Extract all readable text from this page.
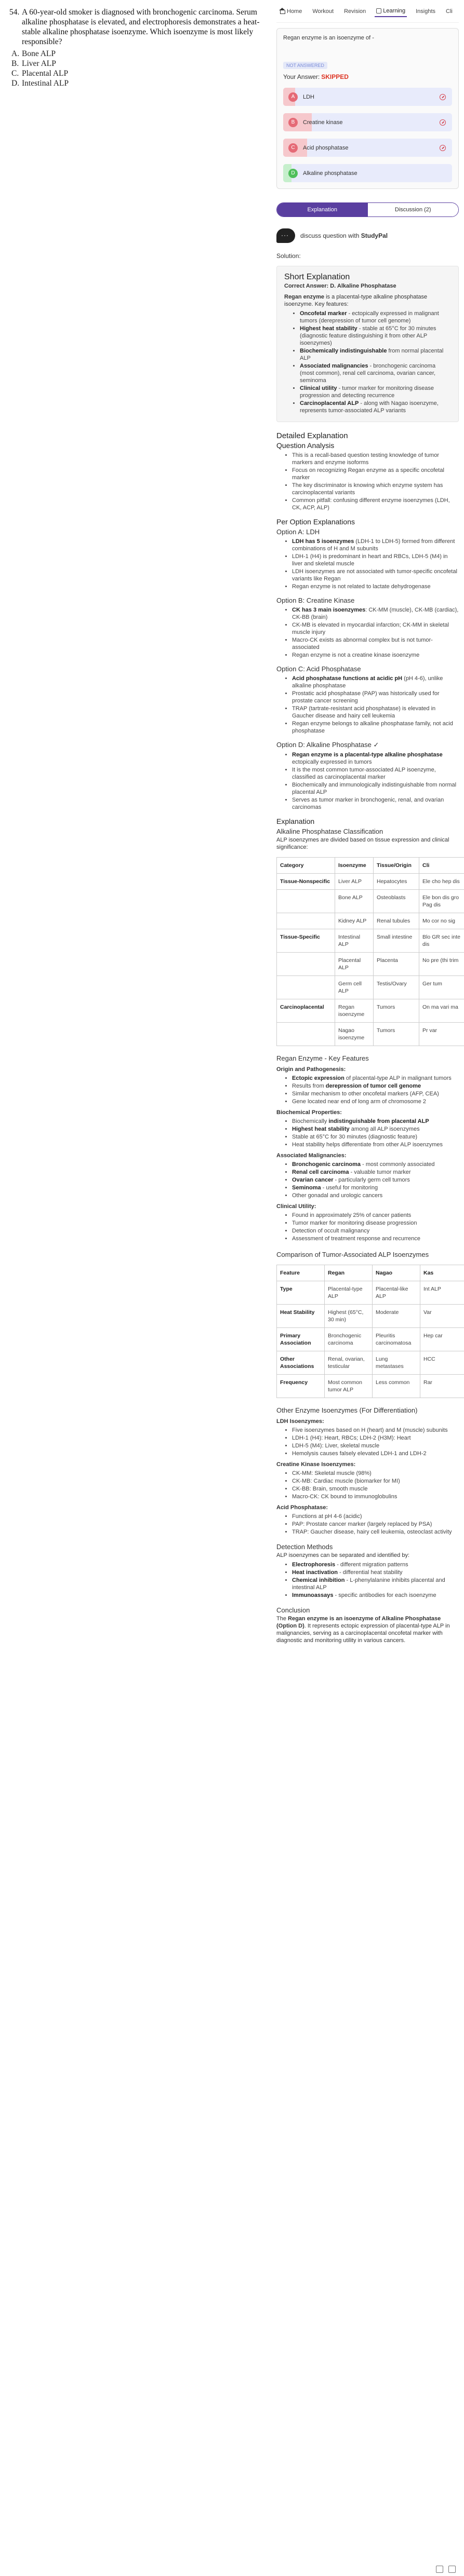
54. A 60-year-old smoker is diagnosed with bronchogenic carcinoma. Serum alkaline phosphatase is elevated, and electrophoresis demonstrates a heat-stable alkaline phosphatase isoenzyme. Which isoenzyme is most likely responsible?
A. Bone ALP
B. Liver ALP
C. Placental ALP
D. Intestinal ALP
Home Workout Revision	Learning Insights Cli
Regan enzyme is an isoenzyme of -
NOT ANSWERED
Your Answer: SKIPPED
A	LDH
B	Creatine kinase
C	Acid phosphatase
D	Alkaline phosphatase
Explanation	Discussion (2)
···
discuss question with StudyPal
Solution:
Short Explanation
Correct Answer: D. Alkaline Phosphatase
Regan enzyme is a placental-type alkaline phosphatase isoenzyme. Key features:
• Oncofetal marker - ectopically expressed in malignant tumors (derepression of tumor cell genome)
• Highest heat stability - stable at 65°C for 30 minutes (diagnostic feature distinguishing it from other ALP isoenzymes)
• Biochemically indistinguishable from normal placental ALP
• Associated malignancies - bronchogenic carcinoma (most common), renal cell carcinoma, ovarian cancer, seminoma
• Clinical utility - tumor marker for monitoring disease progression and detecting recurrence
• Carcinoplacental ALP - along with Nagao isoenzyme, represents tumor-associated ALP variants
Detailed Explanation
Question Analysis
• This is a recall-based question testing knowledge of tumor markers and enzyme isoforms
• Focus on recognizing Regan enzyme as a specific oncofetal marker
• The key discriminator is knowing which enzyme system has carcinoplacental variants
• Common pitfall: confusing different enzyme isoenzymes (LDH, CK, ACP, ALP)
Per Option Explanations
Option A: LDH
• LDH has 5 isoenzymes (LDH-1 to LDH-5) formed from different combinations of H and M subunits
• LDH-1 (H4) is predominant in heart and RBCs, LDH-5 (M4) in liver and skeletal muscle
• LDH isoenzymes are not associated with tumor-specific oncofetal variants like Regan
• Regan enzyme is not related to lactate dehydrogenase
Option B: Creatine Kinase
• CK has 3 main isoenzymes: CK-MM (muscle), CK-MB (cardiac), CK-BB (brain)
• CK-MB is elevated in myocardial infarction; CK-MM in skeletal muscle injury
• Macro-CK exists as abnormal complex but is not tumor-associated
• Regan enzyme is not a creatine kinase isoenzyme
Option C: Acid Phosphatase
• Acid phosphatase functions at acidic pH (pH 4-6), unlike alkaline phosphatase
• Prostatic acid phosphatase (PAP) was historically used for prostate cancer screening
• TRAP (tartrate-resistant acid phosphatase) is elevated in Gaucher disease and hairy cell leukemia
• Regan enzyme belongs to alkaline phosphatase family, not acid phosphatase
Option D: Alkaline Phosphatase ✓
• Regan enzyme is a placental-type alkaline phosphatase ectopically expressed in tumors
• It is the most common tumor-associated ALP isoenzyme, classified as carcinoplacental marker
• Biochemically and immunologically indistinguishable from normal placental ALP
• Serves as tumor marker in bronchogenic, renal, and ovarian carcinomas
Explanation
Alkaline Phosphatase Classification
ALP isoenzymes are divided based on tissue expression and clinical significance:
Category	Isoenzyme	Tissue/Origin	Cli
Tissue-Nonspecific	Liver ALP	Hepatocytes	Ele cho hep dis
	Bone ALP	Osteoblasts	Ele bon dis gro Pag dis
	Kidney ALP	Renal tubules	Mo cor no sig
Tissue-Specific	Intestinal ALP	Small intestine	Blo GR sec inte dis
	Placental ALP	Placenta	No pre (thi trim
	Germ cell ALP	Testis/Ovary	Ger tum
Carcinoplacental	Regan isoenzyme	Tumors	On ma vari ma
	Nagao isoenzyme	Tumors	Pr var
Regan Enzyme - Key Features
Origin and Pathogenesis:
• Ectopic expression of placental-type ALP in malignant tumors
• Results from derepression of tumor cell genome
• Similar mechanism to other oncofetal markers (AFP, CEA)
• Gene located near end of long arm of chromosome 2
Biochemical Properties:
• Biochemically indistinguishable from placental ALP
• Highest heat stability among all ALP isoenzymes
• Stable at 65°C for 30 minutes (diagnostic feature)
• Heat stability helps differentiate from other ALP isoenzymes
Associated Malignancies:
• Bronchogenic carcinoma - most commonly associated
• Renal cell carcinoma - valuable tumor marker
• Ovarian cancer - particularly germ cell tumors
• Seminoma - useful for monitoring
• Other gonadal and urologic cancers
Clinical Utility:
• Found in approximately 25% of cancer patients
• Tumor marker for monitoring disease progression
• Detection of occult malignancy
• Assessment of treatment response and recurrence
Comparison of Tumor-Associated ALP Isoenzymes
Feature	Regan	Nagao	Kas
Type	Placental-type ALP	Placental-like ALP	Int ALP
Heat Stability	Highest (65°C, 30 min)	Moderate	Var
Primary Association	Bronchogenic carcinoma	Pleuritis carcinomatosa	Hep car
Other Associations	Renal, ovarian, testicular	Lung metastases	HCC
Frequency	Most common tumor ALP	Less common	Rar
Other Enzyme Isoenzymes (For Differentiation)
LDH Isoenzymes:
• Five isoenzymes based on H (heart) and M (muscle) subunits
• LDH-1 (H4): Heart, RBCs; LDH-2 (H3M): Heart
• LDH-5 (M4): Liver, skeletal muscle
• Hemolysis causes falsely elevated LDH-1 and LDH-2
Creatine Kinase Isoenzymes:
• CK-MM: Skeletal muscle (98%)
• CK-MB: Cardiac muscle (biomarker for MI)
• CK-BB: Brain, smooth muscle
• Macro-CK: CK bound to immunoglobulins
Acid Phosphatase:
• Functions at pH 4-6 (acidic)
• PAP: Prostate cancer marker (largely replaced by PSA)
• TRAP: Gaucher disease, hairy cell leukemia, osteoclast activity
Detection Methods
ALP isoenzymes can be separated and identified by:
• Electrophoresis - different migration patterns
• Heat inactivation - differential heat stability
• Chemical inhibition - L-phenylalanine inhibits placental and intestinal ALP
• Immunoassays - specific antibodies for each isoenzyme
Conclusion
The Regan enzyme is an isoenzyme of Alkaline Phosphatase (Option D). It represents ectopic expression of placental-type ALP in malignancies, serving as a carcinoplacental oncofetal marker with diagnostic and monitoring utility in various cancers.
